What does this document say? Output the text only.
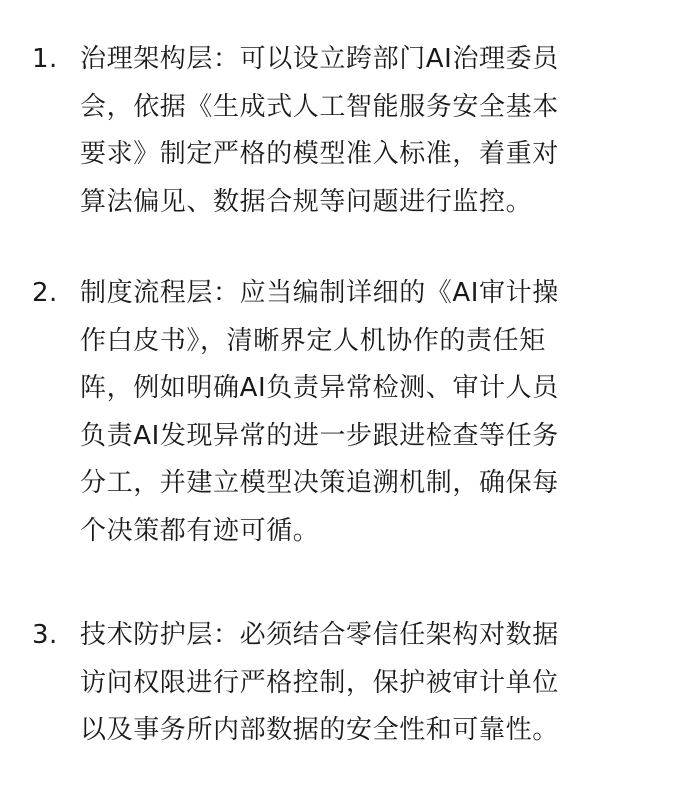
1. 治理架构层：可以设立跨部门AI治理委员
会，依据《生成式人工智能服务安全基本
要求》制定严格的模型准入标准，着重对
算法偏见、数据合规等问题进行监控。
2. 制度流程层：应当编制详细的《AI审计操
作白皮书》，清晰界定人机协作的责任矩
阵，例如明确AI负责异常检测、审计人员
负责AI发现异常的进一步跟进检查等任务
分工，并建立模型决策追溯机制，确保每
个决策都有迹可循。
3. 技术防护层：必须结合零信任架构对数据
访问权限进行严格控制，保护被审计单位
以及事务所内部数据的安全性和可靠性。
